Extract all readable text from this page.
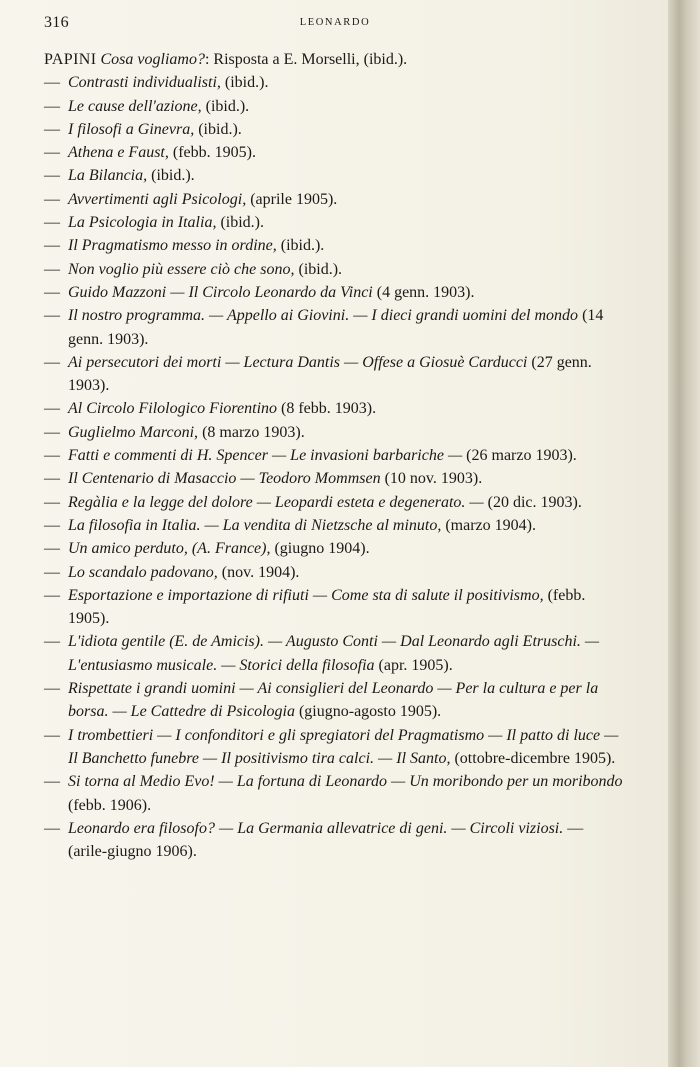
316	LEONARDO
PAPINI Cosa vogliamo?: Risposta a E. Morselli, (ibid.).
— Contrasti individualisti, (ibid.).
— Le cause dell'azione, (ibid.).
— I filosofi a Ginevra, (ibid.).
— Athena e Faust, (febb. 1905).
— La Bilancia, (ibid.).
— Avvertimenti agli Psicologi, (aprile 1905).
— La Psicologia in Italia, (ibid.).
— Il Pragmatismo messo in ordine, (ibid.).
— Non voglio più essere ciò che sono, (ibid.).
— Guido Mazzoni — Il Circolo Leonardo da Vinci (4 genn. 1903).
— Il nostro programma. — Appello ai Giovini. — I dieci grandi uomini del mondo (14 genn. 1903).
— Ai persecutori dei morti — Lectura Dantis — Offese a Giosuè Carducci (27 genn. 1903).
— Al Circolo Filologico Fiorentino (8 febb. 1903).
— Guglielmo Marconi, (8 marzo 1903).
— Fatti e commenti di H. Spencer — Le invasioni barbariche — (26 marzo 1903).
— Il Centenario di Masaccio — Teodoro Mommsen (10 nov. 1903).
— Regàlia e la legge del dolore — Leopardi esteta e degenerato. — (20 dic. 1903).
— La filosofia in Italia. — La vendita di Nietzsche al minuto, (marzo 1904).
— Un amico perduto, (A. France), (giugno 1904).
— Lo scandalo padovano, (nov. 1904).
— Esportazione e importazione di rifiuti — Come sta di salute il positivismo, (febb. 1905).
— L'idiota gentile (E. de Amicis). — Augusto Conti — Dal Leonardo agli Etruschi. — L'entusiasmo musicale. — Storici della filosofia (apr. 1905).
— Rispettate i grandi uomini — Ai consiglieri del Leonardo — Per la cultura e per la borsa. — Le Cattedre di Psicologia (giugno-agosto 1905).
— I trombettieri — I confonditori e gli spregiatori del Pragmatismo — Il patto di luce — Il Banchetto funebre — Il positivismo tira calci. — Il Santo, (ottobre-dicembre 1905).
— Si torna al Medio Evo! — La fortuna di Leonardo — Un moribondo per un moribondo (febb. 1906).
— Leonardo era filosofo? — La Germania allevatrice di geni. — Circoli viziosi. — (arile-giugno 1906).
